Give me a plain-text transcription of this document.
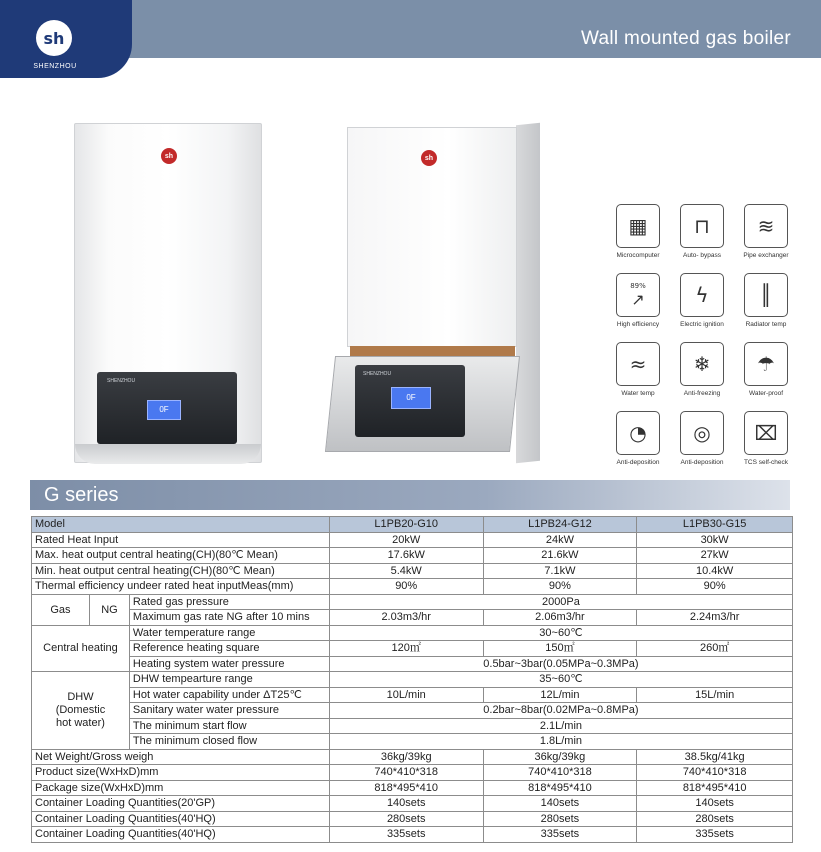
Wall mounted gas boiler
sh
SHENZHOU
sh
SHENZHOU
0F
sh
SHENZHOU
0F
▦
Microcomputer
⊓
Auto- bypass
≋
Pipe exchanger
89%
↗
High efficiency
ϟ
Electric ignition
║
Radiator temp
≈
Water temp
❄
Anti-freezing
☂
Water-proof
◔
Anti-deposition
◎
Anti-deposition
⌧
TCS self-check
G series
Model			L1PB20-G10	L1PB24-G12	L1PB30-G15
Rated Heat Input			20kW	24kW	30kW
Max. heat output central heating(CH)(80℃ Mean)			17.6kW	21.6kW	27kW
Min. heat output central heating(CH)(80℃ Mean)			5.4kW	7.1kW	10.4kW
Thermal efficiency undeer rated heat inputMeas(mm)			90%	90%	90%
Gas	NG	Rated gas pressure	2000Pa		
		Maximum gas rate NG after 10 mins	2.03m3/hr	2.06m3/hr	2.24m3/hr
Central heating		Water temperature range	30~60℃		
		Reference heating square	120㎡	150㎡	260㎡
		Heating system water pressure	0.5bar~3bar(0.05MPa~0.3MPa)		

DHW
(Domestic
hot water)		DHW tempearture range	35~60℃		
		Hot water capability under ΔT25℃	10L/min	12L/min	15L/min
		Sanitary water water pressure	0.2bar~8bar(0.02MPa~0.8MPa)		
		The minimum start flow	2.1L/min		
		The minimum closed flow	1.8L/min		
Net Weight/Gross weigh			36kg/39kg	36kg/39kg	38.5kg/41kg
Product size(WxHxD)mm			740*410*318	740*410*318	740*410*318
Package size(WxHxD)mm			818*495*410	818*495*410	818*495*410
Container Loading Quantities(20'GP)			140sets	140sets	140sets
Container Loading Quantities(40'HQ)			280sets	280sets	280sets
Container Loading Quantities(40'HQ)			335sets	335sets	335sets
